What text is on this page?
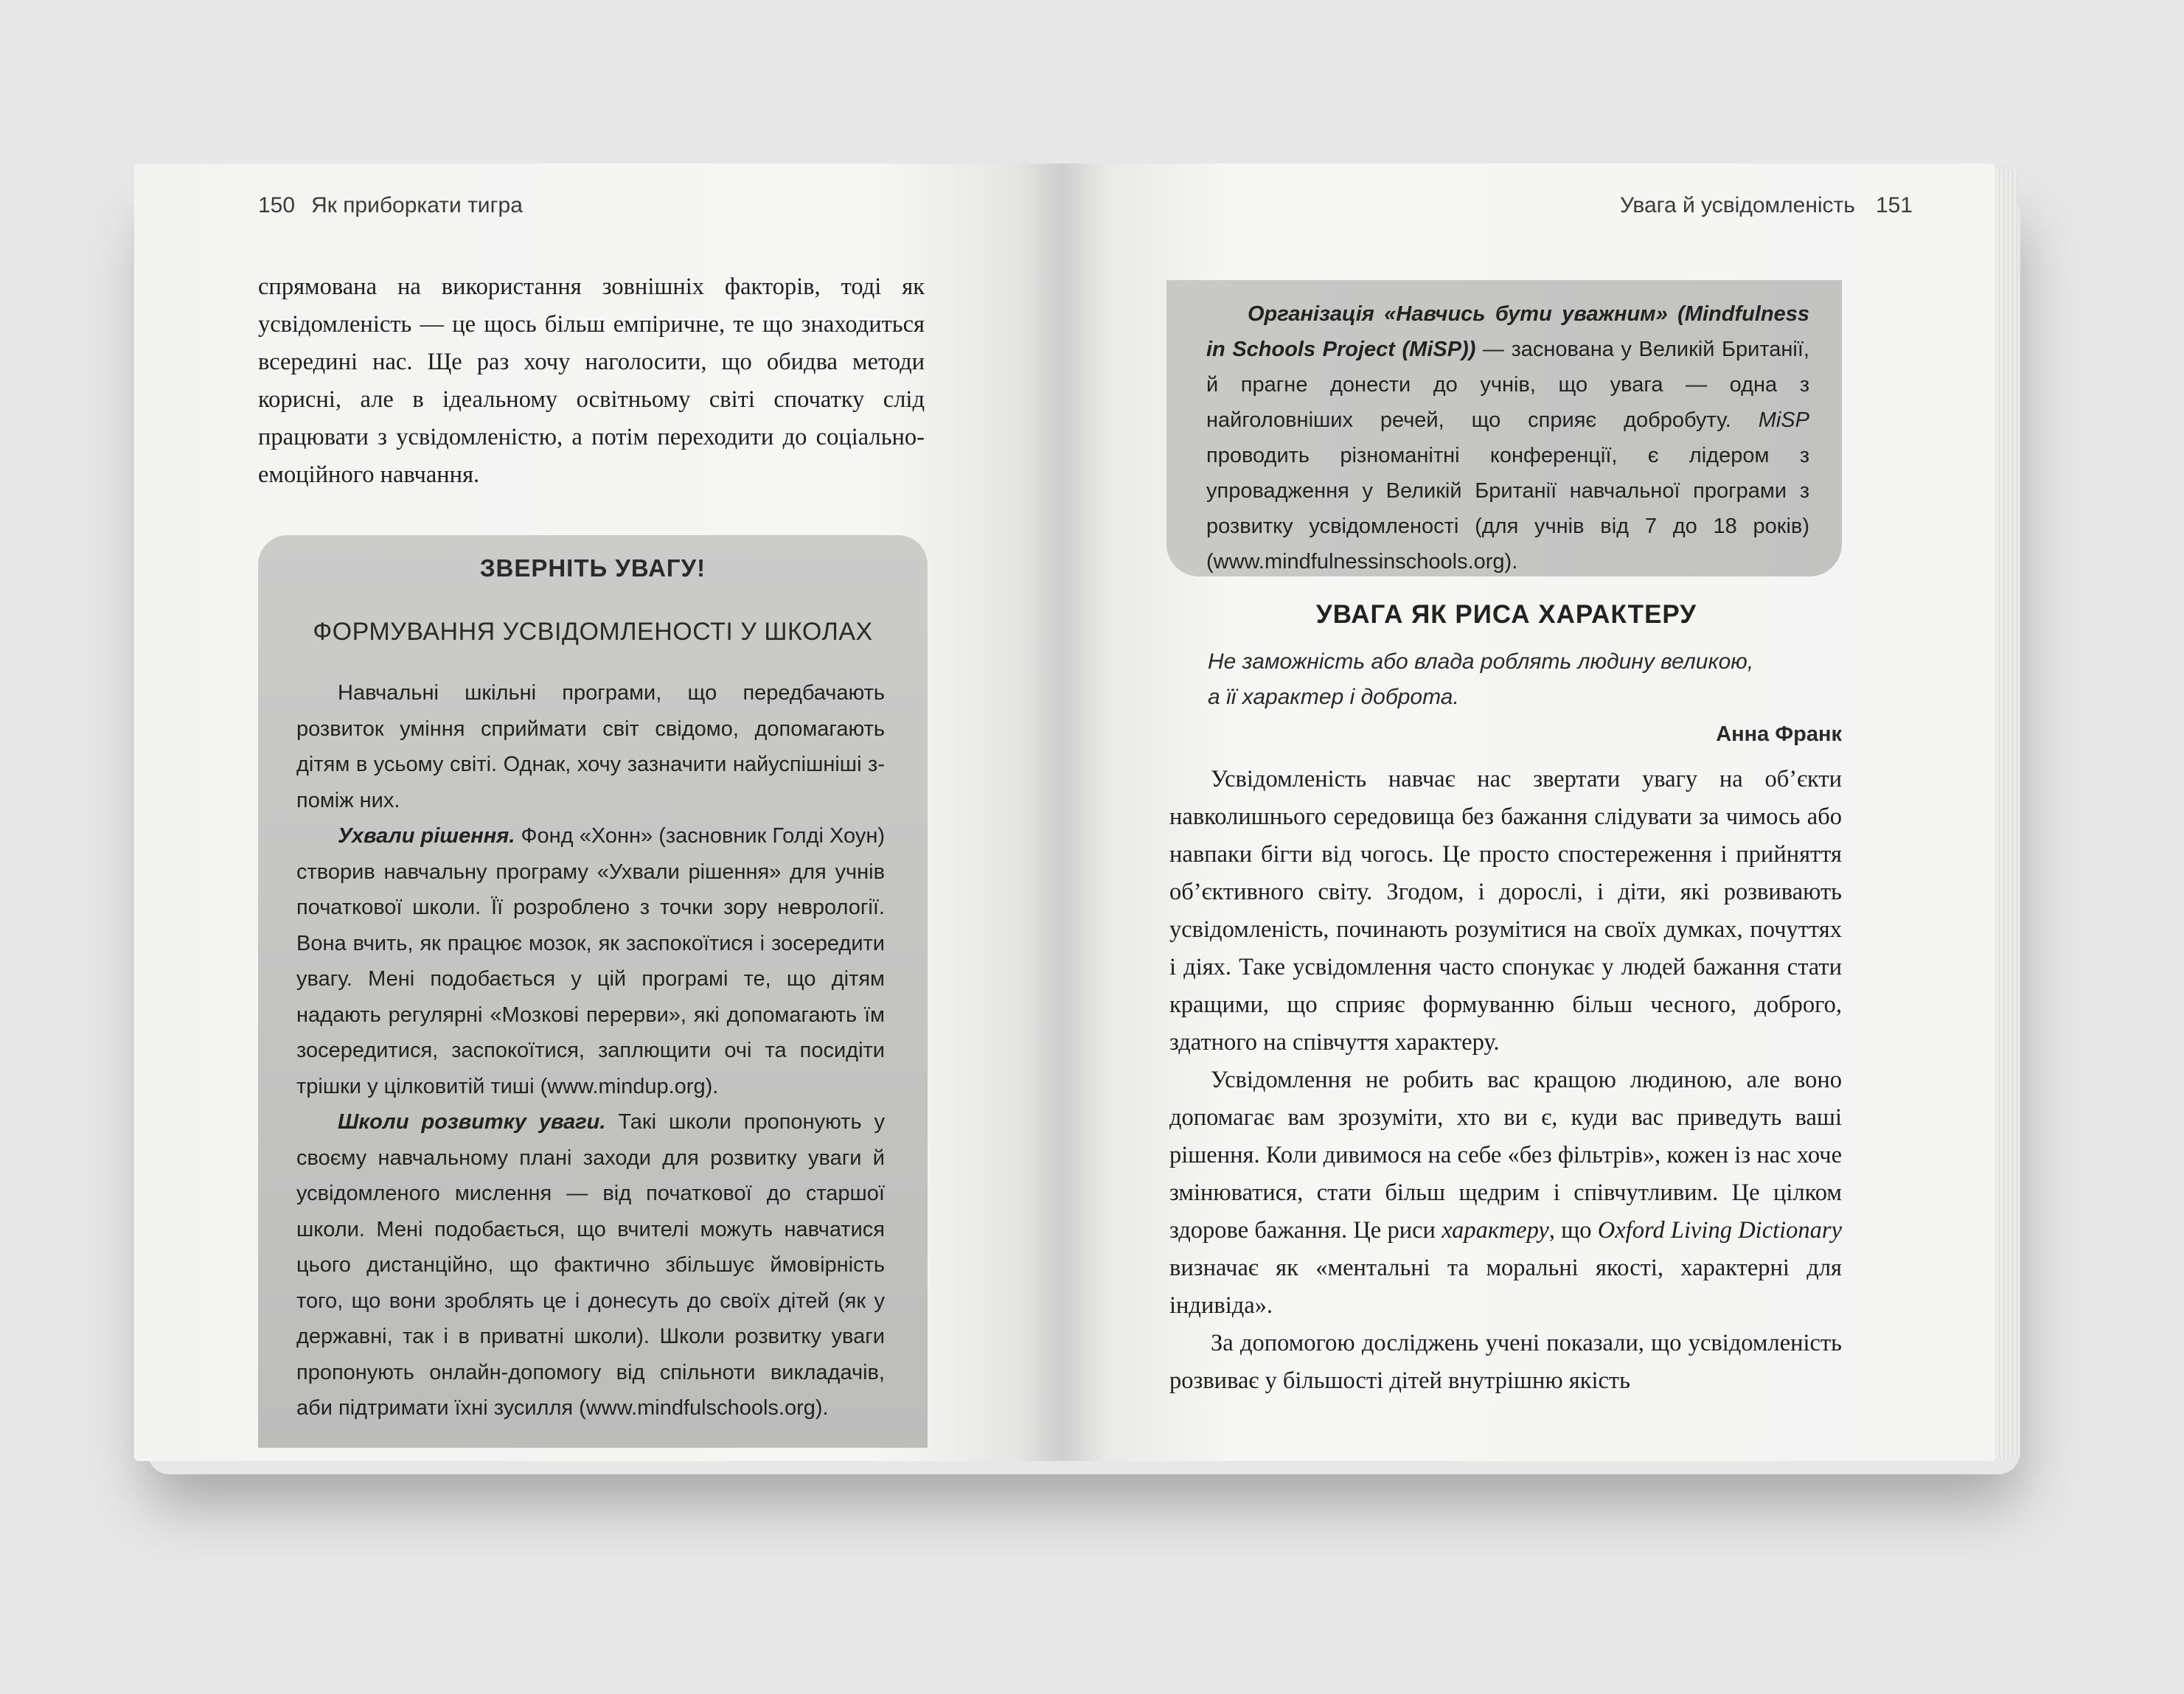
150 Як приборкати тигра

спрямована на використання зовнішніх факторів, тоді як усвідомленість — це щось більш емпіричне, те що знаходиться всередині нас. Ще раз хочу наголосити, що обидва методи корисні, але в ідеальному освітньому світі спочатку слід працювати з усвідомленістю, а потім переходити до соціально-емоційного навчання.

ЗВЕРНІТЬ УВАГУ!
ФОРМУВАННЯ УСВІДОМЛЕНОСТІ У ШКОЛАХ

Навчальні шкільні програми, що передбачають розвиток уміння сприймати світ свідомо, допомагають дітям в усьому світі. Однак, хочу зазначити найуспішніші з-поміж них.

Ухвали рішення. Фонд «Хонн» (засновник Голді Хоун) створив навчальну програму «Ухвали рішення» для учнів початкової школи. Її розроблено з точки зору неврології. Вона вчить, як працює мозок, як заспокоїтися і зосередити увагу. Мені подобається у цій програмі те, що дітям надають регулярні «Мозкові перерви», які допомагають їм зосередитися, заспокоїтися, заплющити очі та посидіти трішки у цілковитій тиші (www.mindup.org).

Школи розвитку уваги. Такі школи пропонують у своєму навчальному плані заходи для розвитку уваги й усвідомленого мислення — від початкової до старшої школи. Мені подобається, що вчителі можуть навчатися цього дистанційно, що фактично збільшує ймовірність того, що вони зроблять це і донесуть до своїх дітей (як у державні, так і в приватні школи). Школи розвитку уваги пропонують онлайн-допомогу від спільноти викладачів, аби підтримати їхні зусилля (www.mindfulschools.org).

Увага й усвідомленість 151

Організація «Навчись бути уважним» (Mindfulness in Schools Project (MiSP)) — заснована у Великій Британії, й прагне донести до учнів, що увага — одна з найголовніших речей, що сприяє добробуту. MiSP проводить різноманітні конференції, є лідером з упровадження у Великій Британії навчальної програми з розвитку усвідомленості (для учнів від 7 до 18 років) (www.mindfulnessinschools.org).

УВАГА ЯК РИСА ХАРАКТЕРУ
Не заможність або влада роблять людину великою,
а її характер і доброта.
Анна Франк

Усвідомленість навчає нас звертати увагу на об’єкти навколишнього середовища без бажання слідувати за чимось або навпаки бігти від чогось. Це просто спостереження і прийняття об’єктивного світу. Згодом, і дорослі, і діти, які розвивають усвідомленість, починають розумітися на своїх думках, почуттях і діях. Таке усвідомлення часто спонукає у людей бажання стати кращими, що сприяє формуванню більш чесного, доброго, здатного на співчуття характеру.

Усвідомлення не робить вас кращою людиною, але воно допомагає вам зрозуміти, хто ви є, куди вас приведуть ваші рішення. Коли дивимося на себе «без фільтрів», кожен із нас хоче змінюватися, стати більш щедрим і співчутливим. Це цілком здорове бажання. Це риси характеру, що Oxford Living Dictionary визначає як «ментальні та моральні якості, характерні для індивіда».

За допомогою досліджень учені показали, що усвідомленість розвиває у більшості дітей внутрішню якість
